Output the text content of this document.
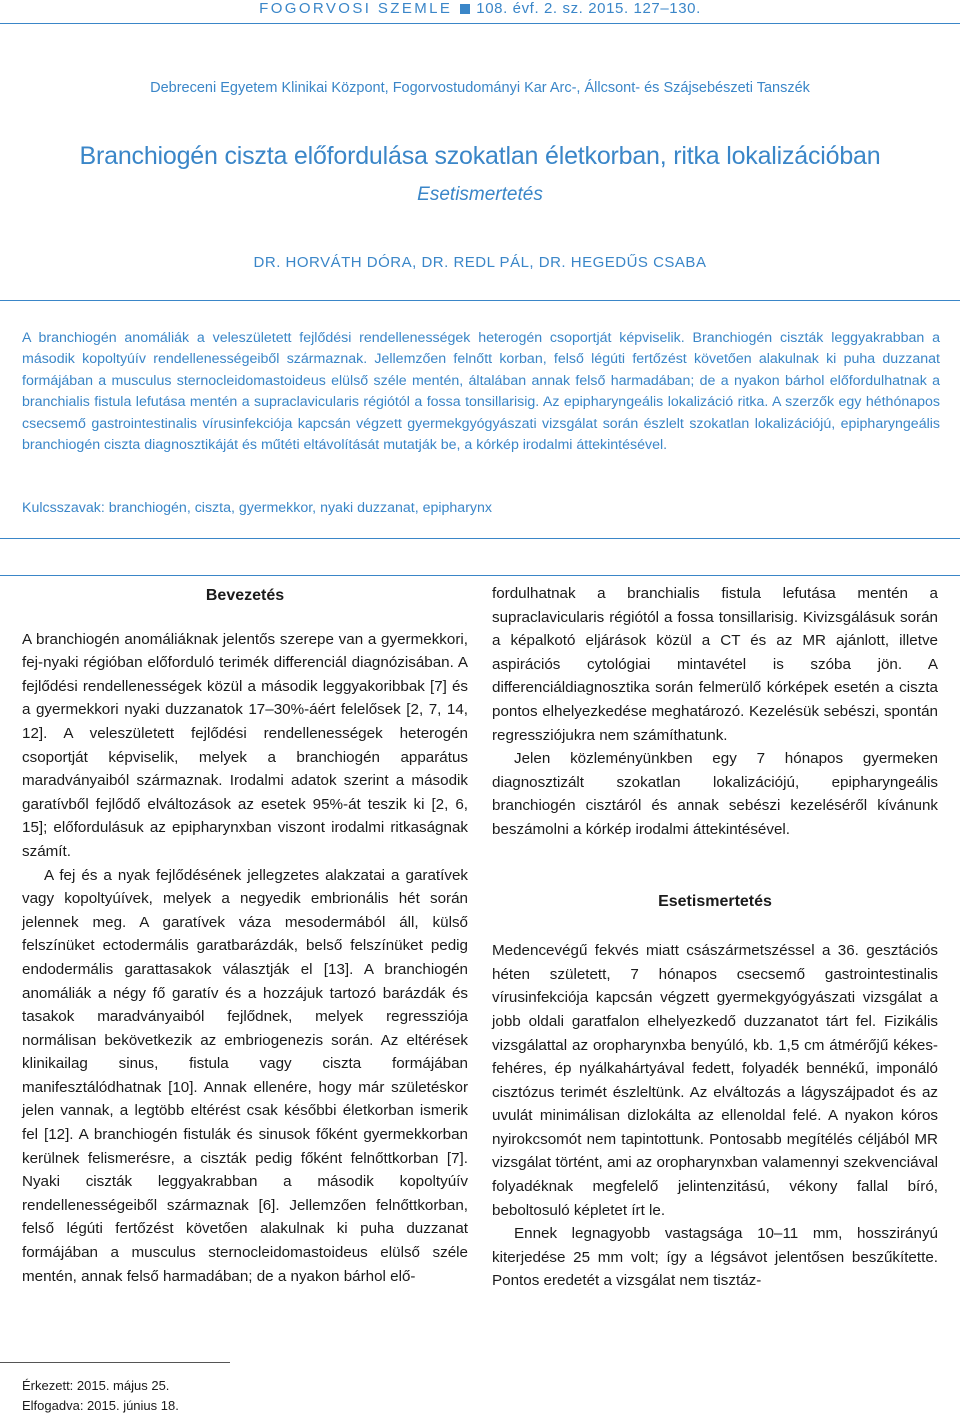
FOGORVOSI SZEMLE 108. évf. 2. sz. 2015. 127–130.
Debreceni Egyetem Klinikai Központ, Fogorvostudományi Kar Arc-, Állcsont- és Szájsebészeti Tanszék
Branchiogén ciszta előfordulása szokatlan életkorban, ritka lokalizációban
Esetismertetés
DR. HORVÁTH DÓRA, DR. REDL PÁL, DR. HEGEDŰS CSABA
A branchiogén anomáliák a veleszületett fejlődési rendellenességek heterogén csoportját képviselik. Branchiogén ciszták leggyakrabban a második kopoltyúív rendellenességeiből származnak. Jellemzően felnőtt korban, felső légúti fertőzést követően alakulnak ki puha duzzanat formájában a musculus sternocleidomastoideus elülső széle mentén, általában annak felső harmadában; de a nyakon bárhol előfordulhatnak a branchialis fistula lefutása mentén a supraclavicularis régiótól a fossa tonsillarisig. Az epipharyngeális lokalizáció ritka. A szerzők egy héthónapos csecsemő gastrointestinalis vírusinfekciója kapcsán végzett gyermekgyógyászati vizsgálat során észlelt szokatlan lokalizációjú, epipharyngeális branchiogén ciszta diagnosztikáját és műtéti eltávolítását mutatják be, a kórkép irodalmi áttekintésével.
Kulcsszavak: branchiogén, ciszta, gyermekkor, nyaki duzzanat, epipharynx
Bevezetés

A branchiogén anomáliáknak jelentős szerepe van a gyermekkori, fej-nyaki régióban előforduló terimék differenciál diagnózisában. A fejlődési rendellenességek közül a második leggyakoribbak [7] és a gyermekkori nyaki duzzanatok 17–30%-áért felelősek [2, 7, 14, 12]. A veleszületett fejlődési rendellenességek heterogén csoportját képviselik, melyek a branchiogén apparátus maradványaiból származnak. Irodalmi adatok szerint a második garatívből fejlődő elváltozások az esetek 95%-át teszik ki [2, 6, 15]; előfordulásuk az epipharynxban viszont irodalmi ritkaságnak számít.

A fej és a nyak fejlődésének jellegzetes alakzatai a garatívek vagy kopoltyúívek, melyek a negyedik embrionális hét során jelennek meg. A garatívek váza mesodermából áll, külső felszínüket ectodermális garatbarázdák, belső felszínüket pedig endodermális garattasakok választják el [13]. A branchiogén anomáliák a négy fő garatív és a hozzájuk tartozó barázdák és tasakok maradványaiból fejlődnek, melyek regressziója normálisan bekövetkezik az embriogenezis során. Az eltérések klinikailag sinus, fistula vagy ciszta formájában manifesztálódhatnak [10]. Annak ellenére, hogy már születéskor jelen vannak, a legtöbb eltérést csak későbbi életkorban ismerik fel [12]. A branchiogén fistulák és sinusok főként gyermekkorban kerülnek felismerésre, a ciszták pedig főként felnőttkorban [7]. Nyaki ciszták leggyakrabban a második kopoltyúív rendellenességeiből származnak [6]. Jellemzően felnőttkorban, felső légúti fertőzést követően alakulnak ki puha duzzanat formájában a musculus sternocleidomastoideus elülső széle mentén, annak felső harmadában; de a nyakon bárhol elő-

fordulhatnak a branchialis fistula lefutása mentén a supraclavicularis régiótól a fossa tonsillarisig. Kivizsgálásuk során a képalkotó eljárások közül a CT és az MR ajánlott, illetve aspirációs cytológiai mintavétel is szóba jön. A differenciáldiagnosztika során felmerülő kórképek esetén a ciszta pontos elhelyezkedése meghatározó. Kezelésük sebészi, spontán regressziójukra nem számíthatunk.

Jelen közleményünkben egy 7 hónapos gyermeken diagnosztizált szokatlan lokalizációjú, epipharyngeális branchiogén cisztáról és annak sebészi kezeléséről kívánunk beszámolni a kórkép irodalmi áttekintésével.

Esetismertetés

Medencevégű fekvés miatt császármetszéssel a 36. gesztációs héten született, 7 hónapos csecsemő gastrointestinalis vírusinfekciója kapcsán végzett gyermekgyógyászati vizsgálat a jobb oldali garatfalon elhelyezkedő duzzanatot tárt fel. Fizikális vizsgálattal az oropharynxba benyúló, kb. 1,5 cm átmérőjű kékes-fehéres, ép nyálkahártyával fedett, folyadék bennékű, imponáló cisztózus terimét észleltünk. Az elváltozás a lágyszájpadot és az uvulát minimálisan dizlokálta az ellenoldal felé. A nyakon kóros nyirokcsomót nem tapintottunk. Pontosabb megítélés céljából MR vizsgálat történt, ami az oropharynxban valamennyi szekvenciával folyadéknak megfelelő jelintenzitású, vékony fallal bíró, beboltosuló képletet írt le.

Ennek legnagyobb vastagsága 10–11 mm, hosszirányú kiterjedése 25 mm volt; így a légsávot jelentősen beszűkítette. Pontos eredetét a vizsgálat nem tisztáz-

Érkezett: 2015. május 25.
Elfogadva: 2015. június 18.
